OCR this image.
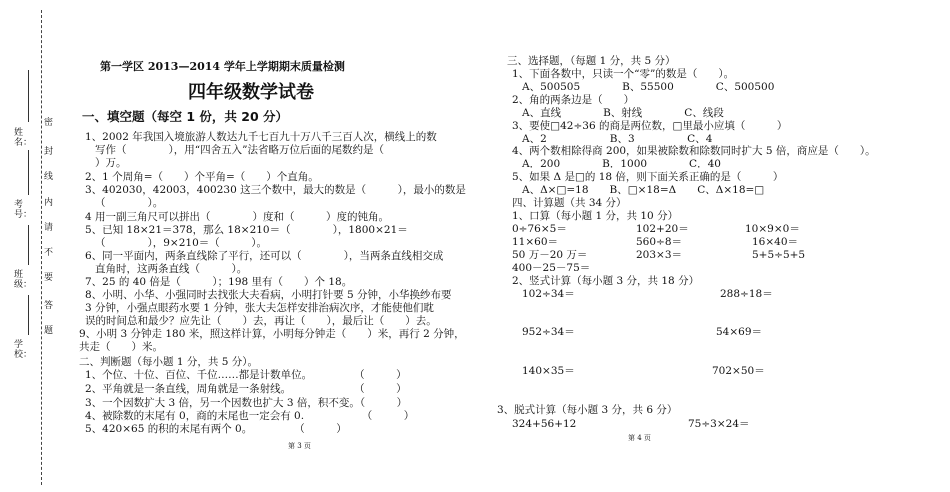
密
封
线
内
请
不
要
答
题
姓名：
考号：
班级：
学校：
第一学区 2013—2014 学年上学期期末质量检测
四年级数学试卷
一、填空题（每空 1 份，共 20 分）
1、2002 年我国入境旅游人数达九千七百九十万八千三百人次，横线上的数
写作（　　　　），用“四舍五入”法省略万位后面的尾数约是（
）万。
2、1 个周角=（　　）个平角=（　　）个直角。
3、402030，42003，400230 这三个数中，最大的数是（　　　），最小的数是
（　　　　）。
4 用一副三角尺可以拼出（　　　　）度和（　　　）度的钝角。
5、已知 18×21＝378，那么 18×210＝（　　　　），1800×21＝
（　　　　），9×210＝（　　　）。
6、同一平面内，两条直线除了平行，还可以（　　　　），当两条直线相交成
直角时，这两条直线（　　　）。
7、25 的 40 倍是（　　　）；198 里有（　　）个 18。
8、小明、小华、小强同时去找张大夫看病，小明打针要 5 分钟，小华换纱布要
3 分钟，小强点眼药水要 1 分钟，张大夫怎样安排治病次序，才能使他们耽
误的时间总和最少？应先让（　　）去，再让（　　），最后让（　　）去。
9、小明 3 分钟走 180 米，照这样计算，小明每分钟走（　　）米，再行 2 分钟，
共走（　　）米。
二、判断题（每小题 1 分，共 5 分）。
1、个位、十位、百位、千位……都是计数单位。　　　　　（　　　）
2、平角就是一条直线，周角就是一条射线。　　　　　　　（　　　）
3、一个因数扩大 3 倍，另一个因数也扩大 3 倍，积不变。（　　　）
4、被除数的末尾有 0，商的末尾也一定会有 0.　　　　　　（　　　）
5、420×65 的积的末尾有两个 0。　　　　　（　　　）
第 3 页
三、选择题，（每题 1 分，共 5 分）
1、下面各数中，只读一个“零”的数是（　　）。
A、500505　　　　B、55500　　　　C、500500
2、角的两条边是（　　）
A、直线　　　　B、射线　　　　C、线段
3、要使□42÷36 的商是两位数，□里最小应填（　　　）
A、2　　　　　　B、3　　　　　C、4
4、两个数相除得商 200，如果被除数和除数同时扩大 5 倍，商应是（　　）。
A．200　　　　B．1000　　　　C．40
5、如果 Δ 是□的 18 倍，则下面关系正确的是（　　　）
A、Δ×□=18　　B、□×18=Δ　　C、Δ×18=□
四、计算题（共 34 分）
1、口算（每小题 1 分，共 10 分）
0÷76×5＝	102+20＝	10×9×0＝
11×60＝	560÷8＝	16×40＝
50 万－20 万＝	203×3＝	5+5÷5+5
400－25－75＝
2、竖式计算（每小题 3 分，共 18 分）
102÷34＝	288÷18＝
952÷34＝	54×69＝
140×35＝	702×50＝
3、脱式计算（每小题 3 分，共 6 分）
324+56+12	75÷3×24＝
第 4 页
